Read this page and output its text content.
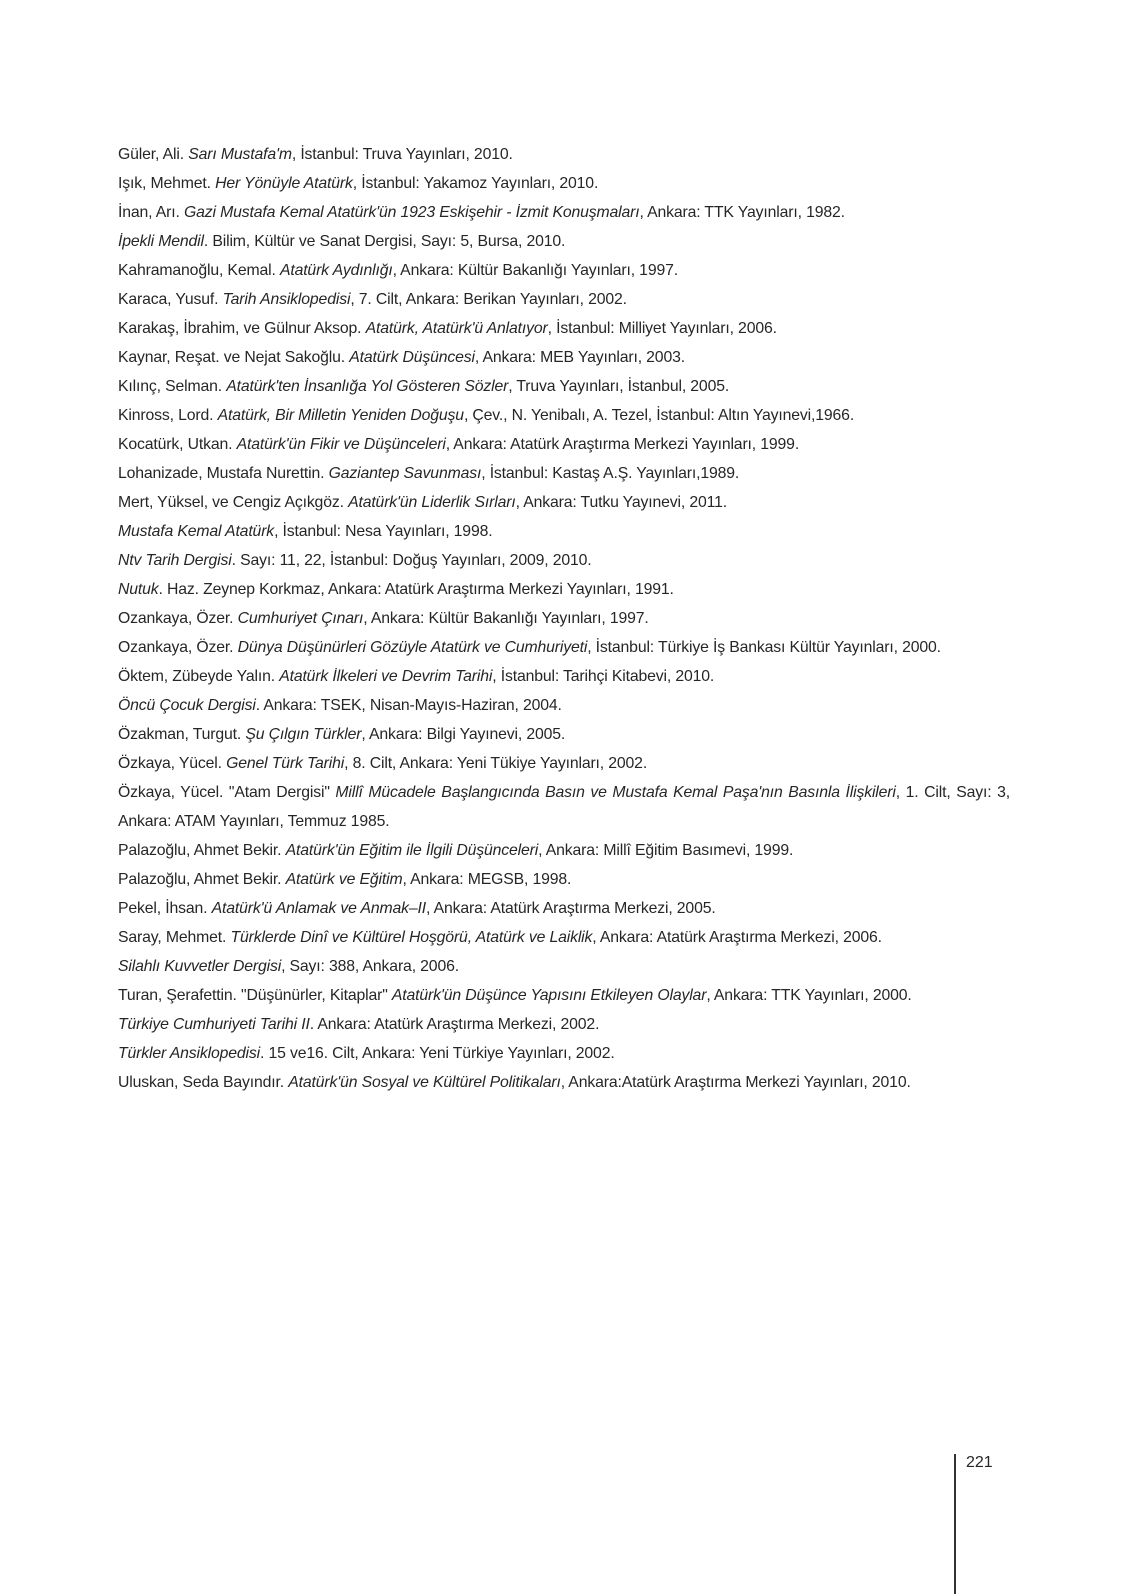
Güler, Ali. Sarı Mustafa'm, İstanbul: Truva Yayınları, 2010.
Işık, Mehmet. Her Yönüyle Atatürk, İstanbul: Yakamoz Yayınları, 2010.
İnan, Arı. Gazi Mustafa Kemal Atatürk'ün 1923 Eskişehir - İzmit Konuşmaları, Ankara: TTK Yayınları, 1982.
İpekli Mendil. Bilim, Kültür ve Sanat Dergisi, Sayı: 5, Bursa, 2010.
Kahramanoğlu, Kemal. Atatürk Aydınlığı, Ankara: Kültür Bakanlığı Yayınları, 1997.
Karaca, Yusuf. Tarih Ansiklopedisi, 7. Cilt, Ankara: Berikan Yayınları, 2002.
Karakaş, İbrahim, ve Gülnur Aksop. Atatürk, Atatürk'ü Anlatıyor, İstanbul: Milliyet Yayınları, 2006.
Kaynar, Reşat. ve Nejat Sakoğlu. Atatürk Düşüncesi, Ankara: MEB Yayınları, 2003.
Kılınç, Selman. Atatürk'ten İnsanlığa Yol Gösteren Sözler, Truva Yayınları, İstanbul, 2005.
Kinross, Lord. Atatürk, Bir Milletin Yeniden Doğuşu, Çev., N. Yenibalı, A. Tezel, İstanbul: Altın Yayınevi,1966.
Kocatürk, Utkan. Atatürk'ün Fikir ve Düşünceleri, Ankara: Atatürk Araştırma Merkezi Yayınları, 1999.
Lohanizade, Mustafa Nurettin. Gaziantep Savunması, İstanbul: Kastaş A.Ş. Yayınları,1989.
Mert, Yüksel, ve Cengiz Açıkgöz. Atatürk'ün Liderlik Sırları, Ankara: Tutku Yayınevi, 2011.
Mustafa Kemal Atatürk, İstanbul: Nesa Yayınları, 1998.
Ntv Tarih Dergisi. Sayı: 11, 22, İstanbul: Doğuş Yayınları, 2009, 2010.
Nutuk. Haz. Zeynep Korkmaz, Ankara: Atatürk Araştırma Merkezi Yayınları, 1991.
Ozankaya, Özer. Cumhuriyet Çınarı, Ankara: Kültür Bakanlığı Yayınları, 1997.
Ozankaya, Özer. Dünya Düşünürleri Gözüyle Atatürk ve Cumhuriyeti, İstanbul: Türkiye İş Bankası Kültür Yayınları, 2000.
Öktem, Zübeyde Yalın. Atatürk İlkeleri ve Devrim Tarihi, İstanbul: Tarihçi Kitabevi, 2010.
Öncü Çocuk Dergisi. Ankara: TSEK, Nisan-Mayıs-Haziran, 2004.
Özakman, Turgut. Şu Çılgın Türkler, Ankara: Bilgi Yayınevi, 2005.
Özkaya, Yücel. Genel Türk Tarihi, 8. Cilt, Ankara: Yeni Tükiye Yayınları, 2002.
Özkaya, Yücel. "Atam Dergisi" Millî Mücadele Başlangıcında Basın ve Mustafa Kemal Paşa'nın Basınla İlişkileri, 1. Cilt, Sayı: 3, Ankara: ATAM Yayınları, Temmuz 1985.
Palazoğlu, Ahmet Bekir. Atatürk'ün Eğitim ile İlgili Düşünceleri, Ankara: Millî Eğitim Basımevi, 1999.
Palazoğlu, Ahmet Bekir. Atatürk ve Eğitim, Ankara: MEGSB, 1998.
Pekel, İhsan. Atatürk'ü Anlamak ve Anmak–II, Ankara: Atatürk Araştırma Merkezi, 2005.
Saray, Mehmet. Türklerde Dinî ve Kültürel Hoşgörü, Atatürk ve Laiklik, Ankara: Atatürk Araştırma Merkezi, 2006.
Silahlı Kuvvetler Dergisi, Sayı: 388, Ankara, 2006.
Turan, Şerafettin. "Düşünürler, Kitaplar" Atatürk'ün Düşünce Yapısını Etkileyen Olaylar, Ankara: TTK Yayınları, 2000.
Türkiye Cumhuriyeti Tarihi II. Ankara: Atatürk Araştırma Merkezi, 2002.
Türkler Ansiklopedisi. 15 ve16. Cilt, Ankara: Yeni Türkiye Yayınları, 2002.
Uluskan, Seda Bayındır. Atatürk'ün Sosyal ve Kültürel Politikaları, Ankara:Atatürk Araştırma Merkezi Yayınları, 2010.
221
